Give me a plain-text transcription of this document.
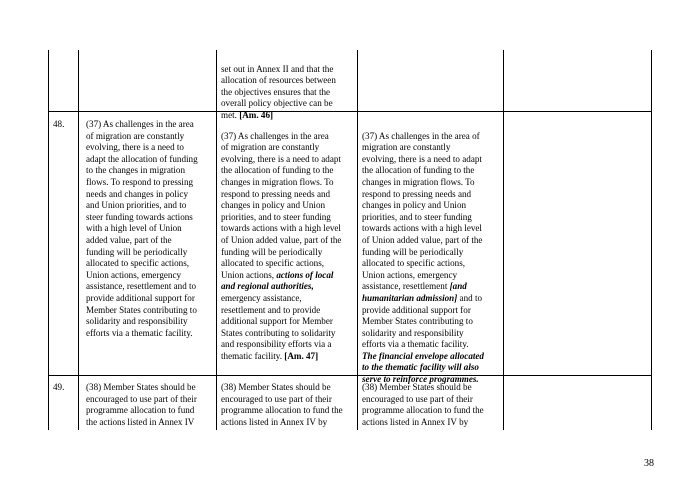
set out in Annex II and that the
allocation of resources between
the objectives ensures that the
overall policy objective can be
met. [Am. 46]

48. (37) As challenges in the area
of migration are constantly
evolving, there is a need to
adapt the allocation of funding
to the changes in migration
flows. To respond to pressing
needs and changes in policy
and Union priorities, and to
steer funding towards actions
with a high level of Union
added value, part of the
funding will be periodically
allocated to specific actions,
Union actions, emergency
assistance, resettlement and to
provide additional support for
Member States contributing to
solidarity and responsibility
efforts via a thematic facility.

(37) As challenges in the area
of migration are constantly
evolving, there is a need to adapt
the allocation of funding to the
changes in migration flows. To
respond to pressing needs and
changes in policy and Union
priorities, and to steer funding
towards actions with a high level
of Union added value, part of the
funding will be periodically
allocated to specific actions,
Union actions, actions of local
and regional authorities,
emergency assistance,
resettlement and to provide
additional support for Member
States contributing to solidarity
and responsibility efforts via a
thematic facility. [Am. 47]

(37) As challenges in the area of
migration are constantly
evolving, there is a need to adapt
the allocation of funding to the
changes in migration flows. To
respond to pressing needs and
changes in policy and Union
priorities, and to steer funding
towards actions with a high level
of Union added value, part of the
funding will be periodically
allocated to specific actions,
Union actions, emergency
assistance, resettlement [and
humanitarian admission] and to
provide additional support for
Member States contributing to
solidarity and responsibility
efforts via a thematic facility.
The financial envelope allocated
to the thematic facility will also
serve to reinforce programmes.

49. (38) Member States should be
encouraged to use part of their
programme allocation to fund
the actions listed in Annex IV
(38) Member States should be
encouraged to use part of their
programme allocation to fund the
actions listed in Annex IV by
(38) Member States should be
encouraged to use part of their
programme allocation to fund the
actions listed in Annex IV by
38
